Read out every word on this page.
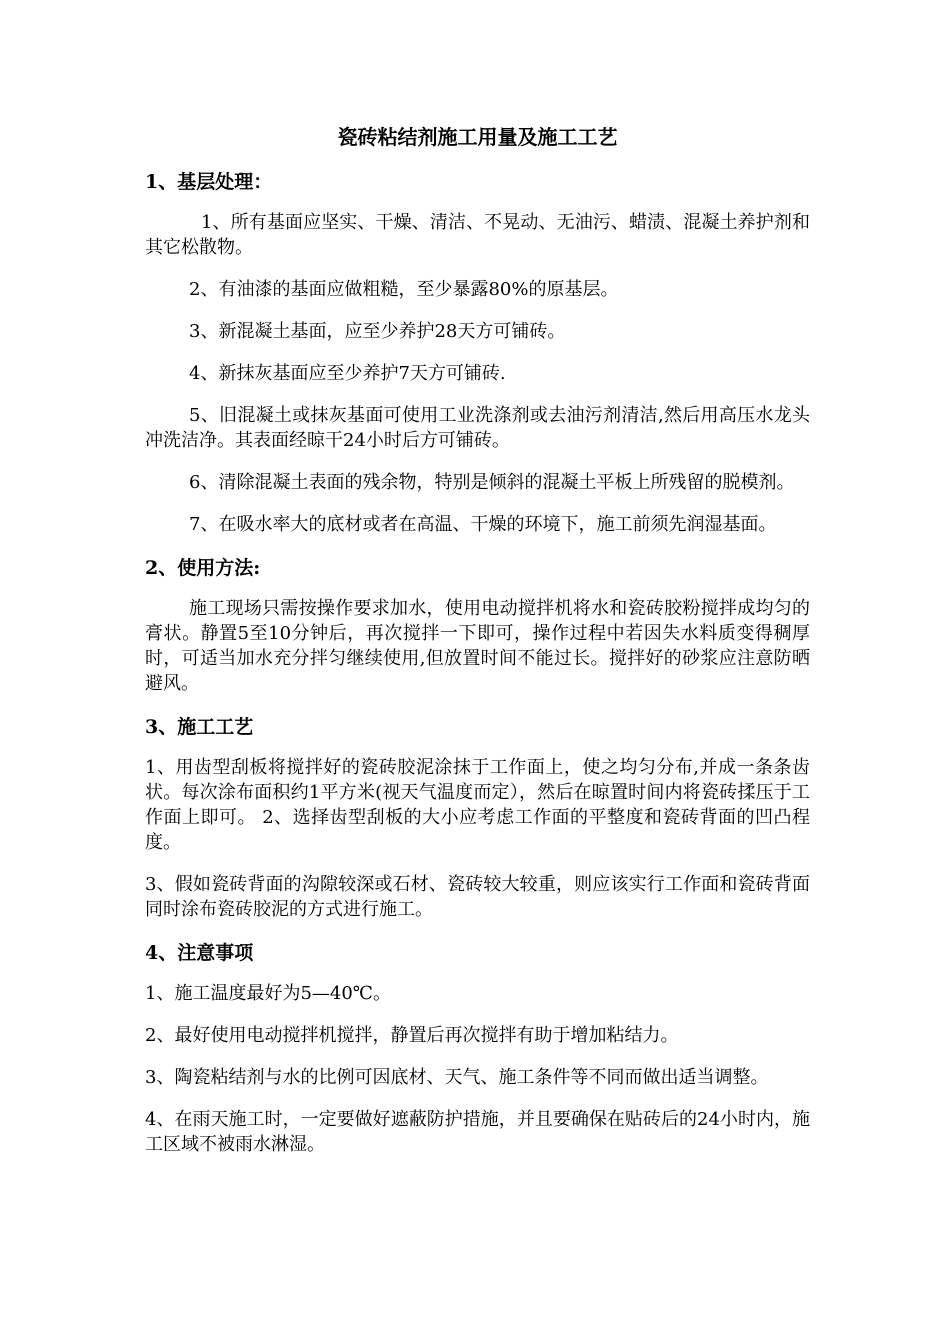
瓷砖粘结剂施工用量及施工工艺
1、基层处理：

1、所有基面应坚实、干燥、清洁、不晃动、无油污、蜡渍、混凝土养护剂和其它松散物。

2、有油漆的基面应做粗糙，至少暴露80%的原基层。

3、新混凝土基面，应至少养护28天方可铺砖。

4、新抹灰基面应至少养护7天方可铺砖.

5、旧混凝土或抹灰基面可使用工业洗涤剂或去油污剂清洁,然后用高压水龙头冲洗洁净。其表面经晾干24小时后方可铺砖。

6、清除混凝土表面的残余物，特别是倾斜的混凝土平板上所残留的脱模剂。

7、在吸水率大的底材或者在高温、干燥的环境下，施工前须先润湿基面。

2、使用方法:

施工现场只需按操作要求加水，使用电动搅拌机将水和瓷砖胶粉搅拌成均匀的膏状。静置5至10分钟后，再次搅拌一下即可，操作过程中若因失水料质变得稠厚时，可适当加水充分拌匀继续使用,但放置时间不能过长。搅拌好的砂浆应注意防晒避风。

3、施工工艺

1、用齿型刮板将搅拌好的瓷砖胶泥涂抹于工作面上，使之均匀分布,并成一条条齿状。每次涂布面积约1平方米(视天气温度而定），然后在晾置时间内将瓷砖揉压于工作面上即可。 2、选择齿型刮板的大小应考虑工作面的平整度和瓷砖背面的凹凸程度。

3、假如瓷砖背面的沟隙较深或石材、瓷砖较大较重，则应该实行工作面和瓷砖背面同时涂布瓷砖胶泥的方式进行施工。

4、注意事项

1、施工温度最好为5—40℃。

2、最好使用电动搅拌机搅拌，静置后再次搅拌有助于增加粘结力。

3、陶瓷粘结剂与水的比例可因底材、天气、施工条件等不同而做出适当调整。

4、在雨天施工时，一定要做好遮蔽防护措施，并且要确保在贴砖后的24小时内，施工区域不被雨水淋湿。
